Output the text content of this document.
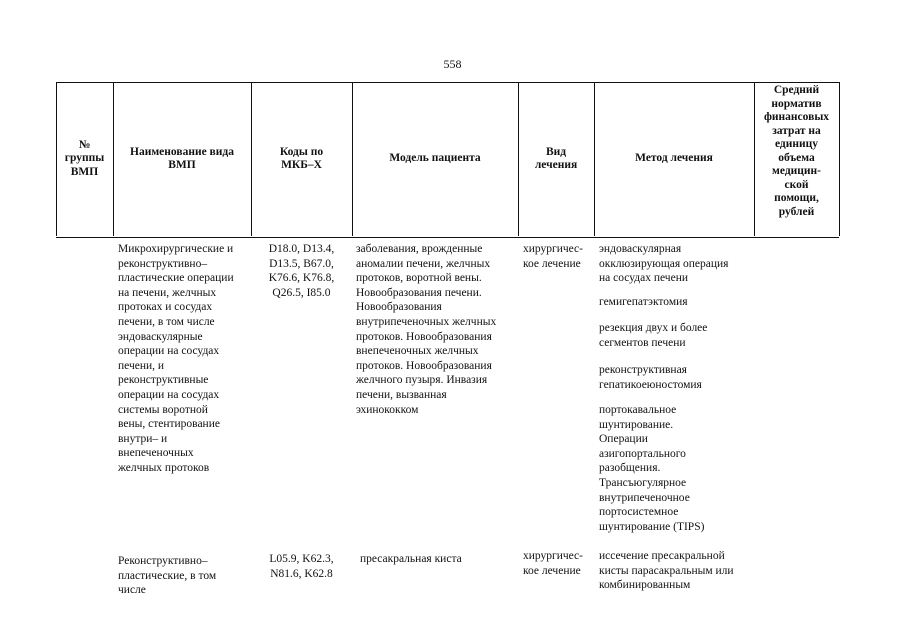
558
№
группы
ВМП
Наименование вида
ВМП
Коды по
МКБ–Х
Модель пациента
Вид
лечения
Метод лечения
Средний
норматив
финансовых
затрат на
единицу
объема
медицин-
ской
помощи,
рублей
Микрохирургические и
реконструктивно–
пластические операции
на печени, желчных
протоках и сосудах
печени, в том числе
эндоваскулярные
операции на сосудах
печени, и
реконструктивные
операции на сосудах
системы воротной
вены, стентирование
внутри– и
внепеченочных
желчных протоков
D18.0, D13.4,
D13.5, B67.0,
K76.6, K76.8,
Q26.5, I85.0
заболевания, врожденные
аномалии печени, желчных
протоков, воротной вены.
Новообразования печени.
Новообразования
внутрипеченочных желчных
протоков. Новообразования
внепеченочных желчных
протоков. Новообразования
желчного пузыря. Инвазия
печени, вызванная
эхинококком
хирургичес-
кое лечение
эндоваскулярная
окклюзирующая операция
на сосудах печени
гемигепатэктомия
резекция двух и более
сегментов печени
реконструктивная
гепатикоеюностомия
портокавальное
шунтирование.
Операции
азигопортального
разобщения.
Трансъюгулярное
внутрипеченочное
портосистемное
шунтирование (TIPS)
Реконструктивно–
пластические, в том
числе
L05.9, K62.3,
N81.6, K62.8
пресакральная киста	хирургичес-
кое лечение
иссечение пресакральной
кисты парасакральным или
комбинированным
